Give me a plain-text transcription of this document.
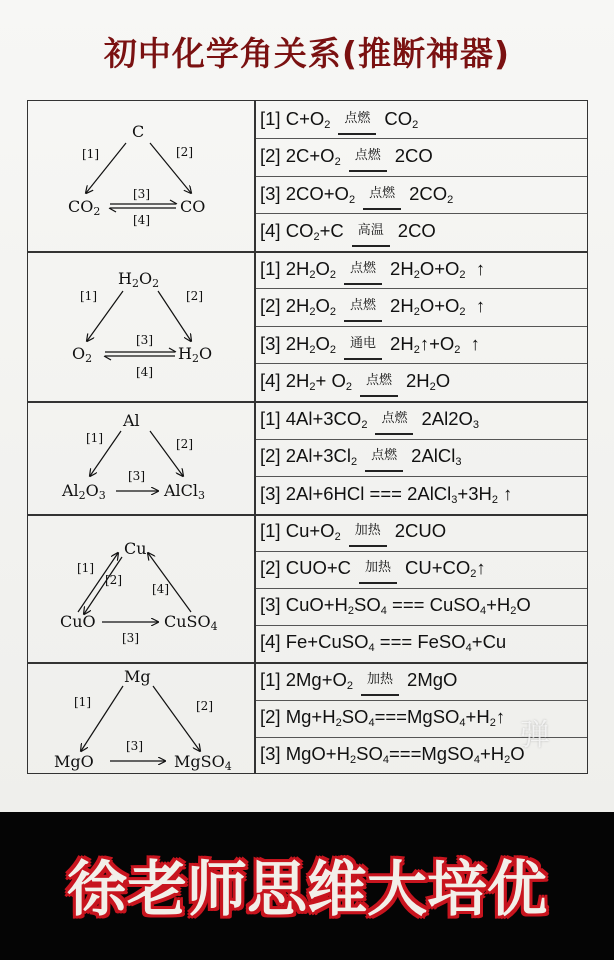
初中化学角关系(推断神器)
[1] $C+O_2$ 点燃 $CO_2$
[2] $2C+O_2$ 点燃 2CO
[3] $2CO+O_2$ 点燃 $2CO_2$
[4] $CO_2+C$ 高温 2CO
[1] $2H_2O_2$ 点燃 $2H_2O+O_2$ ↑
[2] $2H_2O_2$ 点燃 $2H_2O+O_2$ ↑
[3] $2H_2O_2$ 通电 $2H_2↑+O_2$ ↑
[4] $2H_2+ O_2$ 点燃 $2H_2O$
[1] $4Al+3CO_2$ 点燃 $2Al2O_3$
[2] $2Al+3Cl_2$ 点燃 2AlCl$_3$
[3] 2Al+6HCl === $2AlCl_3+3H_2$ ↑
[1] $Cu+O_2$ 加热 2CUO
[2] CUO+C 加热 $CU+CO_2↑$
[3] $CuO+H_2SO_4$ === $CuSO_4+H_2O$
[4] Fe+CuSO$_4$ === FeSO$_4$+Cu
[1] $2Mg+O_2$ 加热 2MgO
[2] $Mg+H_2SO_4===MgSO_4+H_2↑$
[3] $MgO+H_2SO_4===MgSO_4+H_2O$
C
$CO_2$	CO
[1]	[2]
[3]
[4]
$H_2O_2$
$O_2$	$H_2O$
[1]	[2]
[3]
[4]
Al
$Al_2O_3$	AlCl$_3$
[1]	[2]
[3]
Cu
CuO	CuSO$_4$
[1]
[2]
[4]
[3]
Mg
MgO	MgSO$_4$
[1]	[2]
[3]	弹
徐老师思维大培优
